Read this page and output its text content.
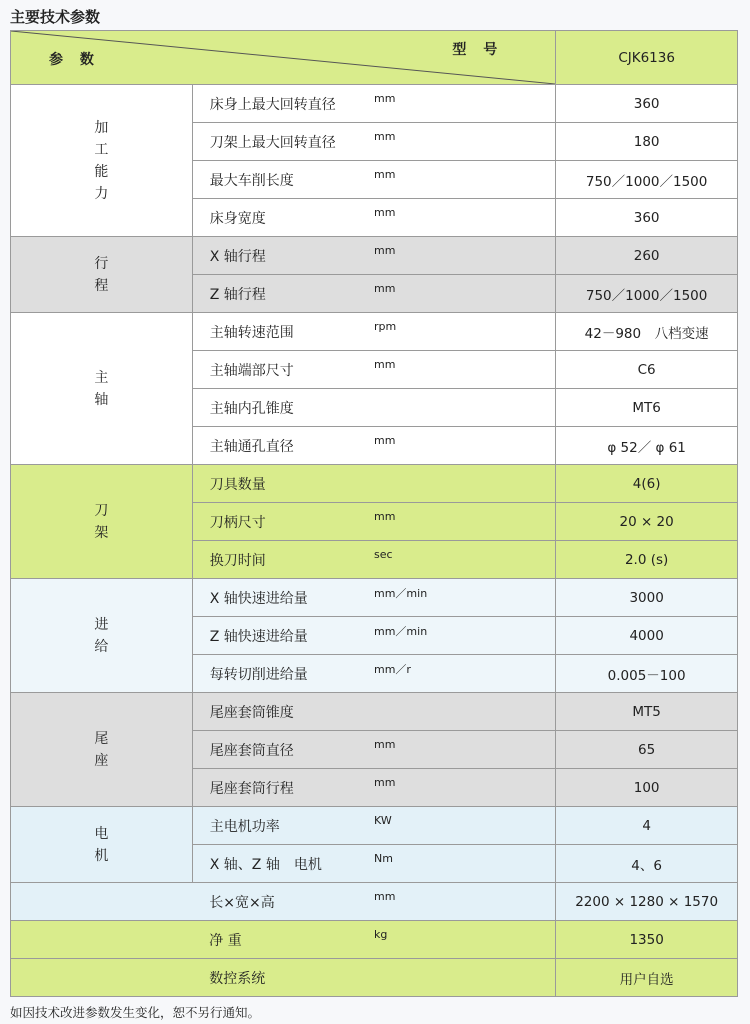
主要技术参数
参 数
型 号			CJK6136
加工能力	床身上最大回转直径	mm	360
	刀架上最大回转直径	mm	180
	最大车削长度	mm	750／1000／1500
	床身宽度	mm	360
行程	X 轴行程	mm	260
	Z 轴行程	mm	750／1000／1500
主轴	主轴转速范围	rpm	42－980　八档变速
	主轴端部尺寸	mm	C6
	主轴内孔锥度		MT6
	主轴通孔直径	mm	φ 52／ φ 61
刀架	刀具数量		4(6)
	刀柄尺寸	mm	20 × 20
	换刀时间	sec	2.0 (s)
进给	X 轴快速进给量	mm／min	3000
	Z 轴快速进给量	mm／min	4000
	每转切削进给量	mm／r	0.005－100
尾座	尾座套筒锥度		MT5
	尾座套筒直径	mm	65
	尾座套筒行程	mm	100
电机	主电机功率	KW	4
	X 轴、Z 轴　电机	Nm	4、6
	长×宽×高	mm	2200 × 1280 × 1570
	净 重	kg	1350
	数控系统		用户自选
如因技术改进参数发生变化，恕不另行通知。
